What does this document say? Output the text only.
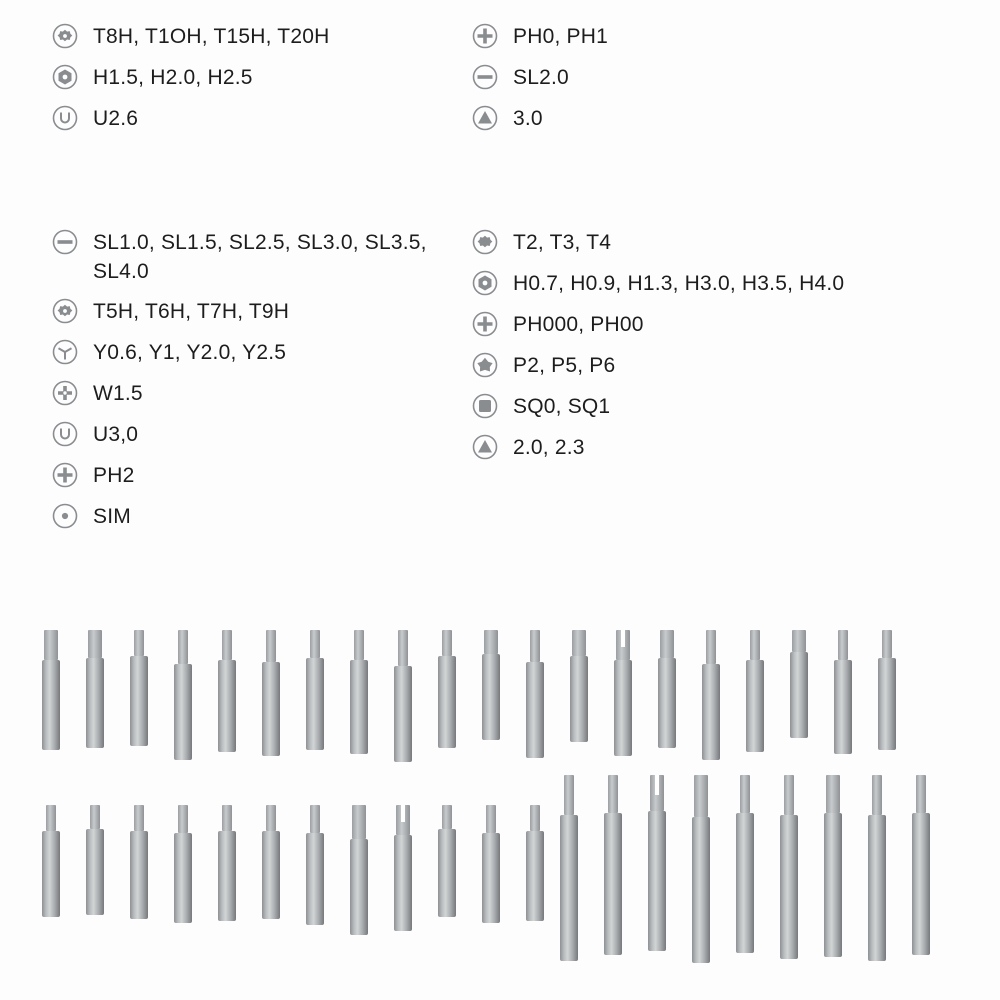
T8H, T1OH, T15H, T20H
H1.5, H2.0, H2.5
U2.6
PH0, PH1
SL2.0
3.0
SL1.0, SL1.5, SL2.5, SL3.0, SL3.5, SL4.0
T5H, T6H, T7H, T9H
Y0.6, Y1, Y2.0, Y2.5
W1.5
U3,0
PH2
SIM
T2, T3, T4
H0.7, H0.9, H1.3, H3.0, H3.5, H4.0
PH000, PH00
P2, P5, P6
SQ0, SQ1
2.0, 2.3
